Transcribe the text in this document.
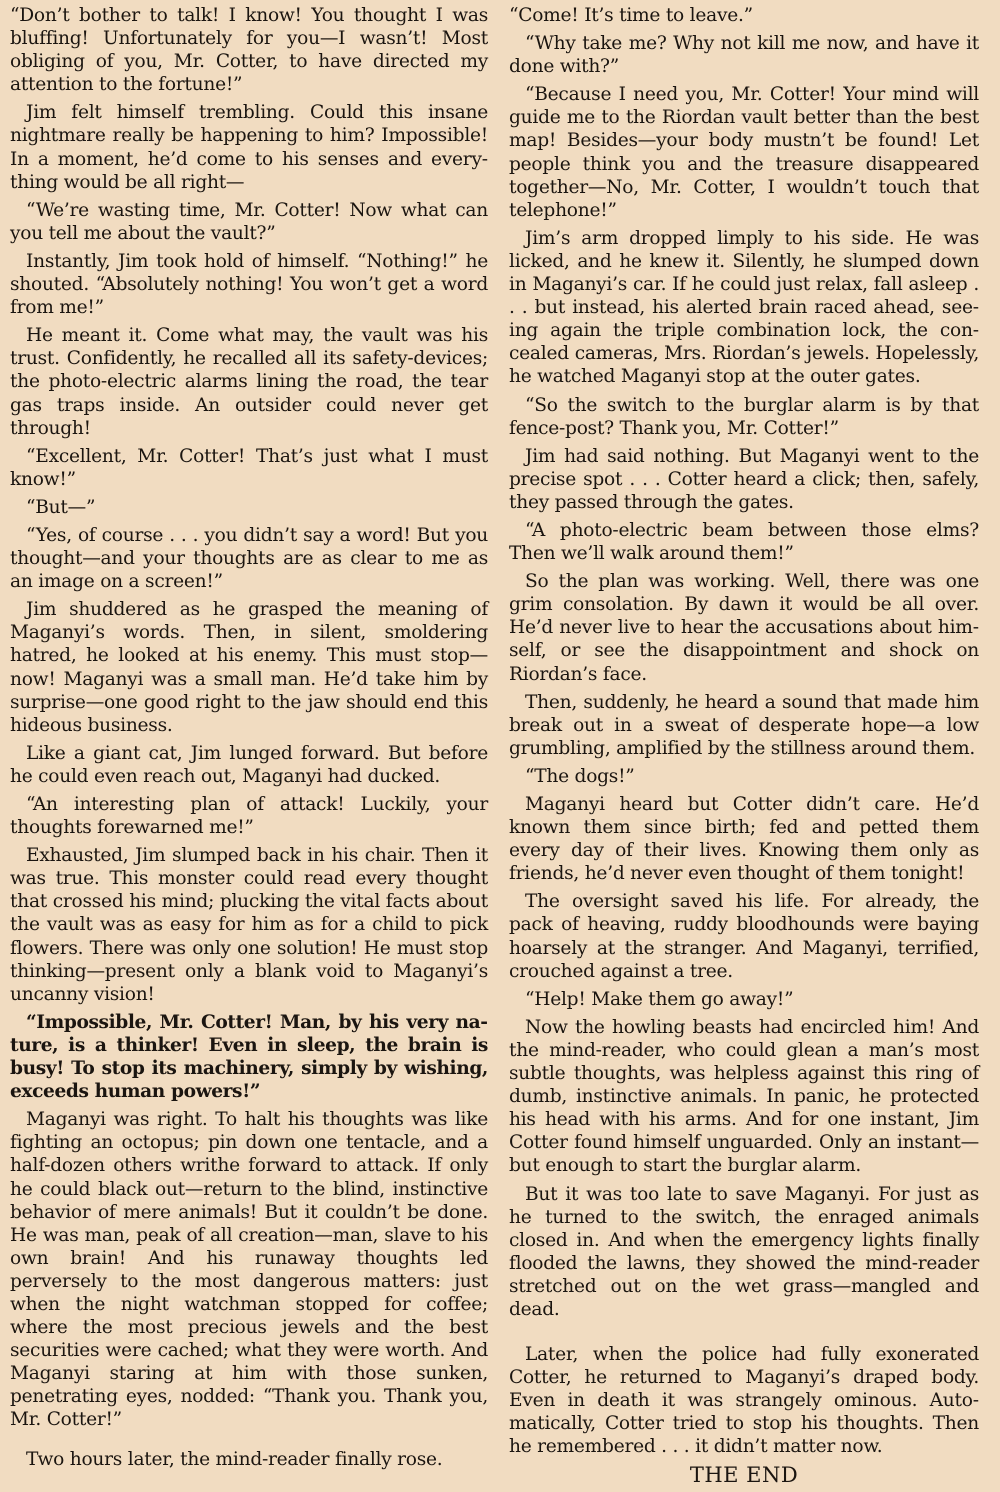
“Don’t bother to talk! I know! You thought I was bluffing! Unfortunately for you—I wasn’t! Most obliging of you, Mr. Cotter, to have directed my attention to the fortune!”

Jim felt himself trembling. Could this insane nightmare really be happening to him? Impossible! In a moment, he’d come to his senses and everything would be all right—

“We’re wasting time, Mr. Cotter! Now what can you tell me about the vault?”

Instantly, Jim took hold of himself. “Nothing!” he shouted. “Absolutely nothing! You won’t get a word from me!”

He meant it. Come what may, the vault was his trust. Confidently, he recalled all its safety-devices; the photo-electric alarms lining the road, the tear gas traps inside. An outsider could never get through!

“Excellent, Mr. Cotter! That’s just what I must know!”

“But—”

“Yes, of course . . . you didn’t say a word! But you thought—and your thoughts are as clear to me as an image on a screen!”

Jim shuddered as he grasped the meaning of Maganyi’s words. Then, in silent, smoldering hatred, he looked at his enemy. This must stop—now! Maganyi was a small man. He’d take him by surprise—one good right to the jaw should end this hideous business.

Like a giant cat, Jim lunged forward. But before he could even reach out, Maganyi had ducked.

“An interesting plan of attack! Luckily, your thoughts forewarned me!”

Exhausted, Jim slumped back in his chair. Then it was true. This monster could read every thought that crossed his mind; plucking the vital facts about the vault was as easy for him as for a child to pick flowers. There was only one solution! He must stop thinking—present only a blank void to Maganyi’s uncanny vision!

“Impossible, Mr. Cotter! Man, by his very nature, is a thinker! Even in sleep, the brain is busy! To stop its machinery, simply by wishing, exceeds human powers!”

Maganyi was right. To halt his thoughts was like fighting an octopus; pin down one tentacle, and a half-dozen others writhe forward to attack. If only he could black out—return to the blind, instinctive behavior of mere animals! But it couldn’t be done. He was man, peak of all creation—man, slave to his own brain! And his runaway thoughts led perversely to the most dangerous matters: just when the night watchman stopped for coffee; where the most precious jewels and the best securities were cached; what they were worth. And Maganyi staring at him with those sunken, penetrating eyes, nodded: “Thank you. Thank you, Mr. Cotter!”

Two hours later, the mind-reader finally rose.

“Come! It’s time to leave.”

“Why take me? Why not kill me now, and have it done with?”

“Because I need you, Mr. Cotter! Your mind will guide me to the Riordan vault better than the best map! Besides—your body mustn’t be found! Let people think you and the treasure disappeared together—No, Mr. Cotter, I wouldn’t touch that telephone!”

Jim’s arm dropped limply to his side. He was licked, and he knew it. Silently, he slumped down in Maganyi’s car. If he could just relax, fall asleep . . . but instead, his alerted brain raced ahead, seeing again the triple combination lock, the concealed cameras, Mrs. Riordan’s jewels. Hopelessly, he watched Maganyi stop at the outer gates.

“So the switch to the burglar alarm is by that fence-post? Thank you, Mr. Cotter!”

Jim had said nothing. But Maganyi went to the precise spot . . . Cotter heard a click; then, safely, they passed through the gates.

“A photo-electric beam between those elms? Then we’ll walk around them!”

So the plan was working. Well, there was one grim consolation. By dawn it would be all over. He’d never live to hear the accusations about himself, or see the disappointment and shock on Riordan’s face.

Then, suddenly, he heard a sound that made him break out in a sweat of desperate hope—a low grumbling, amplified by the stillness around them.

“The dogs!”

Maganyi heard but Cotter didn’t care. He’d known them since birth; fed and petted them every day of their lives. Knowing them only as friends, he’d never even thought of them tonight!

The oversight saved his life. For already, the pack of heaving, ruddy bloodhounds were baying hoarsely at the stranger. And Maganyi, terrified, crouched against a tree.

“Help! Make them go away!”

Now the howling beasts had encircled him! And the mind-reader, who could glean a man’s most subtle thoughts, was helpless against this ring of dumb, instinctive animals. In panic, he protected his head with his arms. And for one instant, Jim Cotter found himself unguarded. Only an instant—but enough to start the burglar alarm.

But it was too late to save Maganyi. For just as he turned to the switch, the enraged animals closed in. And when the emergency lights finally flooded the lawns, they showed the mind-reader stretched out on the wet grass—mangled and dead.

Later, when the police had fully exonerated Cotter, he returned to Maganyi’s draped body. Even in death it was strangely ominous. Automatically, Cotter tried to stop his thoughts. Then he remembered . . . it didn’t matter now.

THE END
